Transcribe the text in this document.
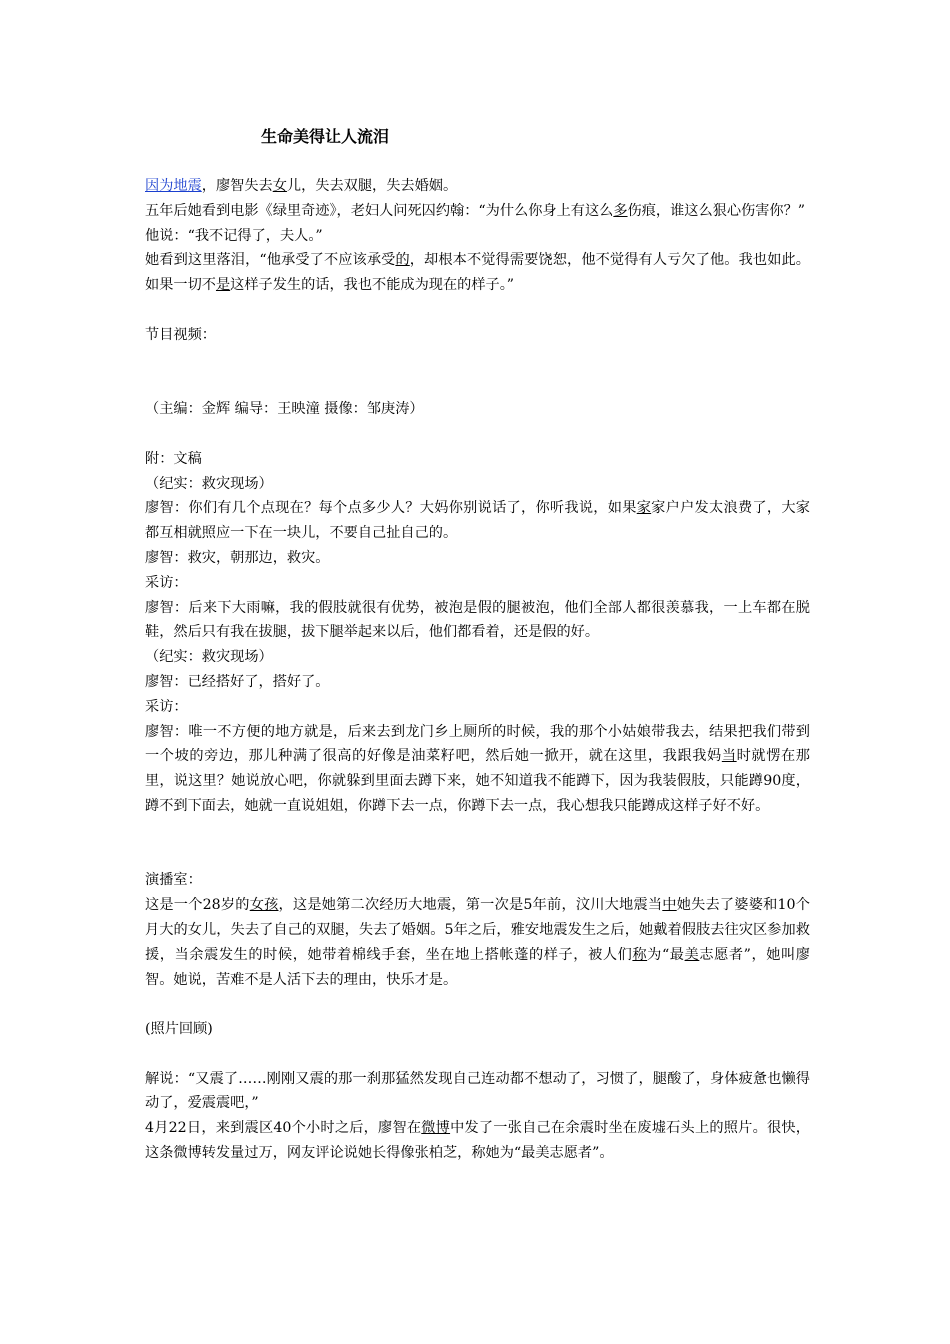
生命美得让人流泪

因为地震，廖智失去女儿，失去双腿，失去婚姻。

五年后她看到电影《绿里奇迹》，老妇人问死囚约翰：“为什么你身上有这么多伤痕，谁这么狠心伤害你？”

他说：“我不记得了，夫人。”

她看到这里落泪，“他承受了不应该承受的，却根本不觉得需要饶恕，他不觉得有人亏欠了他。我也如此。如果一切不是这样子发生的话，我也不能成为现在的样子。”

节目视频：

（主编：金辉 编导：王映潼 摄像：邹庚涛）

附：文稿

（纪实：救灾现场）

廖智：你们有几个点现在？每个点多少人？大妈你别说话了，你听我说，如果家家户户发太浪费了，大家都互相就照应一下在一块儿，不要自己扯自己的。

廖智：救灾，朝那边，救灾。

采访：

廖智：后来下大雨嘛，我的假肢就很有优势，被泡是假的腿被泡，他们全部人都很羡慕我，一上车都在脱鞋，然后只有我在拔腿，拔下腿举起来以后，他们都看着，还是假的好。

（纪实：救灾现场）

廖智：已经搭好了，搭好了。

采访：

廖智：唯一不方便的地方就是，后来去到龙门乡上厕所的时候，我的那个小姑娘带我去，结果把我们带到一个坡的旁边，那儿种满了很高的好像是油菜籽吧，然后她一掀开，就在这里，我跟我妈当时就愣在那里，说这里？她说放心吧，你就躲到里面去蹲下来，她不知道我不能蹲下，因为我装假肢，只能蹲90度，蹲不到下面去，她就一直说姐姐，你蹲下去一点，你蹲下去一点，我心想我只能蹲成这样子好不好。

演播室：

这是一个28岁的女孩，这是她第二次经历大地震，第一次是5年前，汶川大地震当中她失去了婆婆和10个月大的女儿，失去了自己的双腿，失去了婚姻。5年之后，雅安地震发生之后，她戴着假肢去往灾区参加救援，当余震发生的时候，她带着棉线手套，坐在地上搭帐蓬的样子，被人们称为“最美志愿者”，她叫廖智。她说，苦难不是人活下去的理由，快乐才是。

(照片回顾)

解说：“又震了……刚刚又震的那一刹那猛然发现自己连动都不想动了，习惯了，腿酸了，身体疲惫也懒得动了，爱震震吧，”

4月22日，来到震区40个小时之后，廖智在微博中发了一张自己在余震时坐在废墟石头上的照片。很快，这条微博转发量过万，网友评论说她长得像张柏芝，称她为“最美志愿者”。
